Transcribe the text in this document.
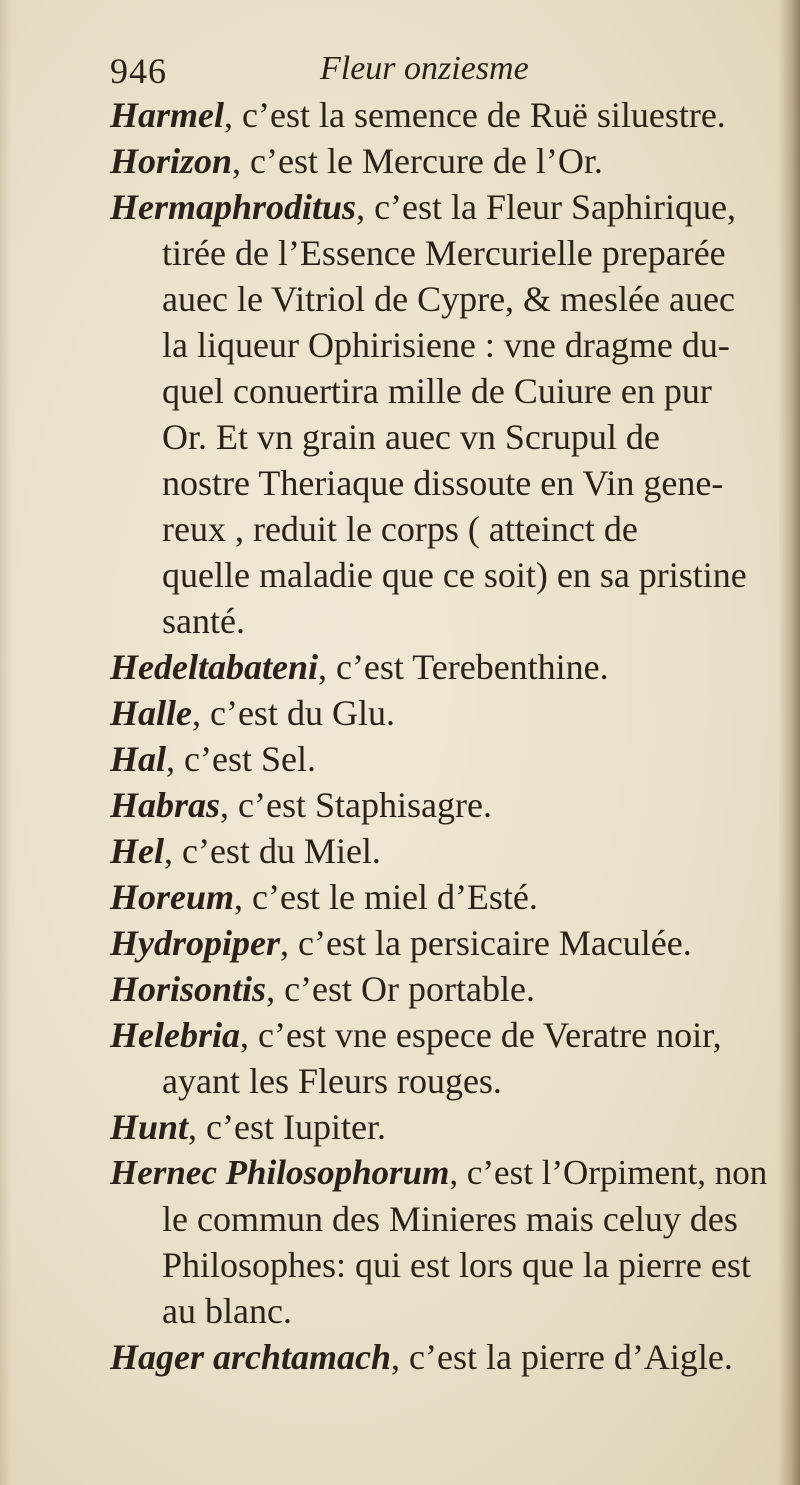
946	Fleur onziesme
Harmel, c’est la semence de Ruë siluestre.
Horizon, c’est le Mercure de l’Or.
Hermaphroditus, c’est la Fleur Saphirique,
tirée de l’Essence Mercurielle preparée
auec le Vitriol de Cypre, & meslée auec
la liqueur Ophirisiene : vne dragme du-
quel conuertira mille de Cuiure en pur
Or. Et vn grain auec vn Scrupul de
nostre Theriaque dissoute en Vin gene-
reux , reduit le corps ( atteinct de
quelle maladie que ce soit) en sa pristine
santé.
Hedeltabateni, c’est Terebenthine.
Halle, c’est du Glu.
Hal, c’est Sel.
Habras, c’est Staphisagre.
Hel, c’est du Miel.
Horeum, c’est le miel d’Esté.
Hydropiper, c’est la persicaire Maculée.
Horisontis, c’est Or portable.
Helebria, c’est vne espece de Veratre noir,
ayant les Fleurs rouges.
Hunt, c’est Iupiter.
Hernec Philosophorum, c’est l’Orpiment, non
le commun des Minieres mais celuy des
Philosophes: qui est lors que la pierre est
au blanc.
Hager archtamach, c’est la pierre d’Aigle.
